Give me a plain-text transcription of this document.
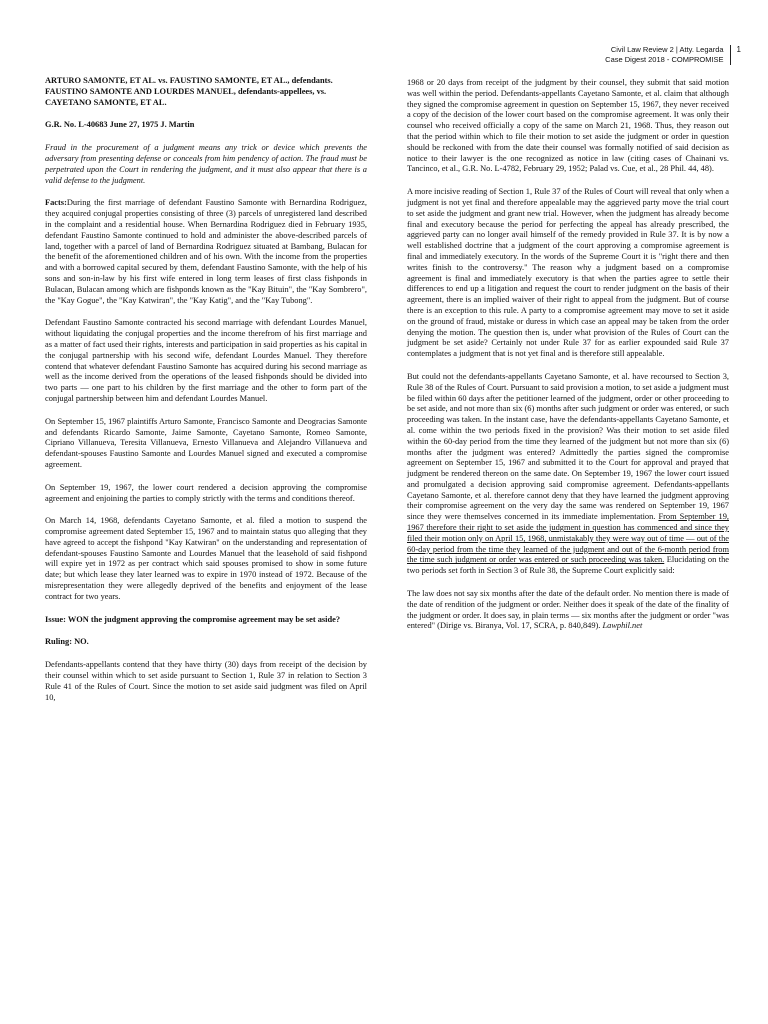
Civil Law Review 2 | Atty. Legarda
Case Digest 2018 - COMPROMISE
1

ARTURO SAMONTE, ET AL. vs. FAUSTINO SAMONTE, ET AL., defendants. FAUSTINO SAMONTE AND LOURDES MANUEL, defendants-appellees, vs. CAYETANO SAMONTE, ET AL.

G.R. No. L-40683 June 27, 1975 J. Martin

Fraud in the procurement of a judgment means any trick or device which prevents the adversary from presenting defense or conceals from him pendency of action. The fraud must be perpetrated upon the Court in rendering the judgment, and it must also appear that there is a valid defense to the judgment.

Facts:During the first marriage of defendant Faustino Samonte with Bernardina Rodriguez, they acquired conjugal properties consisting of three (3) parcels of unregistered land described in the complaint and a residential house. When Bernardina Rodriguez died in February 1935, defendant Faustino Samonte continued to hold and administer the above-described parcels of land, together with a parcel of land of Bernardina Rodriguez situated at Bambang, Bulacan for the benefit of the aforementioned children and of his own. With the income from the properties and with a borrowed capital secured by them, defendant Faustino Samonte, with the help of his sons and son-in-law by his first wife entered in long term leases of first class fishponds in Bulacan, Bulacan among which are fishponds known as the "Kay Bituin", the "Kay Sombrero", the "Kay Gogue", the "Kay Katwiran", the "Kay Katig", and the "Kay Tubong".

Defendant Faustino Samonte contracted his second marriage with defendant Lourdes Manuel, without liquidating the conjugal properties and the income therefrom of his first marriage and as a matter of fact used their rights, interests and participation in said properties as his capital in the conjugal partnership with his second wife, defendant Lourdes Manuel. They therefore contend that whatever defendant Faustino Samonte has acquired during his second marriage as well as the income derived from the operations of the leased fishponds should be divided into two parts — one part to his children by the first marriage and the other to form part of the conjugal partnership between him and defendant Lourdes Manuel.

On September 15, 1967 plaintiffs Arturo Samonte, Francisco Samonte and Deogracias Samonte and defendants Ricardo Samonte, Jaime Samonte, Cayetano Samonte, Romeo Samonte, Cipriano Villanueva, Teresita Villanueva, Ernesto Villanueva and Alejandro Villanueva and defendant-spouses Faustino Samonte and Lourdes Manuel signed and executed a compromise agreement.

On September 19, 1967, the lower court rendered a decision approving the compromise agreement and enjoining the parties to comply strictly with the terms and conditions thereof.

On March 14, 1968, defendants Cayetano Samonte, et al. filed a motion to suspend the compromise agreement dated September 15, 1967 and to maintain status quo alleging that they have agreed to accept the fishpond "Kay Katwiran" on the understanding and representation of defendant-spouses Faustino Samonte and Lourdes Manuel that the leasehold of said fishpond will expire yet in 1972 as per contract which said spouses promised to show in some future date; but which lease they later learned was to expire in 1970 instead of 1972. Because of the misrepresentation they were allegedly deprived of the benefits and enjoyment of the lease contract for two years.

Issue: WON the judgment approving the compromise agreement may be set aside?

Ruling: NO.

Defendants-appellants contend that they have thirty (30) days from receipt of the decision by their counsel within which to set aside pursuant to Section 1, Rule 37 in relation to Section 3 Rule 41 of the Rules of Court. Since the motion to set aside said judgment was filed on April 10,

1968 or 20 days from receipt of the judgment by their counsel, they submit that said motion was well within the period. Defendants-appellants Cayetano Samonte, et al. claim that although they signed the compromise agreement in question on September 15, 1967, they never received a copy of the decision of the lower court based on the compromise agreement. It was only their counsel who received officially a copy of the same on March 21, 1968. Thus, they reason out that the period within which to file their motion to set aside the judgment or order in question should be reckoned with from the date their counsel was formally notified of said decision as notice to their lawyer is the one recognized as notice in law (citing cases of Chainani vs. Tancinco, et al., G.R. No. L-4782, February 29, 1952; Palad vs. Cue, et al., 28 Phil. 44, 48).

A more incisive reading of Section 1, Rule 37 of the Rules of Court will reveal that only when a judgment is not yet final and therefore appealable may the aggrieved party move the trial court to set aside the judgment and grant new trial. However, when the judgment has already become final and executory because the period for perfecting the appeal has already prescribed, the aggrieved party can no longer avail himself of the remedy provided in Rule 37. It is by now a well established doctrine that a judgment of the court approving a compromise agreement is final and immediately executory. In the words of the Supreme Court it is "right there and then writes finish to the controversy." The reason why a judgment based on a compromise agreement is final and immediately executory is that when the parties agree to settle their differences to end up a litigation and request the court to render judgment on the basis of their agreement, there is an implied waiver of their right to appeal from the judgment. But of course there is an exception to this rule. A party to a compromise agreement may move to set it aside on the ground of fraud, mistake or duress in which case an appeal may be taken from the order denying the motion. The question then is, under what provision of the Rules of Court can the judgment be set aside? Certainly not under Rule 37 for as earlier expounded said Rule 37 contemplates a judgment that is not yet final and is therefore still appealable.

But could not the defendants-appellants Cayetano Samonte, et al. have recoursed to Section 3, Rule 38 of the Rules of Court. Pursuant to said provision a motion, to set aside a judgment must be filed within 60 days after the petitioner learned of the judgment, order or other proceeding to be set aside, and not more than six (6) months after such judgment or order was entered, or such proceeding was taken. In the instant case, have the defendants-appellants Cayetano Samonte, et al. come within the two periods fixed in the provision? Was their motion to set aside filed within the 60-day period from the time they learned of the judgment but not more than six (6) months after the judgment was entered? Admittedly the parties signed the compromise agreement on September 15, 1967 and submitted it to the Court for approval and prayed that judgment be rendered thereon on the same date. On September 19, 1967 the lower court issued and promulgated a decision approving said compromise agreement. Defendants-appellants Cayetano Samonte, et al. therefore cannot deny that they have learned the judgment approving their compromise agreement on the very day the same was rendered on September 19, 1967 since they were themselves concerned in its immediate implementation. From September 19, 1967 therefore their right to set aside the judgment in question has commenced and since they filed their motion only on April 15, 1968, unmistakably they were way out of time — out of the 60-day period from the time they learned of the judgment and out of the 6-month period from the time such judgment or order was entered or such proceeding was taken. Elucidating on the two periods set forth in Section 3 of Rule 38, the Supreme Court explicitly said:

The law does not say six months after the date of the default order. No mention there is made of the date of rendition of the judgment or order. Neither does it speak of the date of the finality of the judgment or order. It does say, in plain terms — six months after the judgment or order "was entered" (Dirige vs. Biranya, Vol. 17, SCRA, p. 840,849). Lawphil.net
